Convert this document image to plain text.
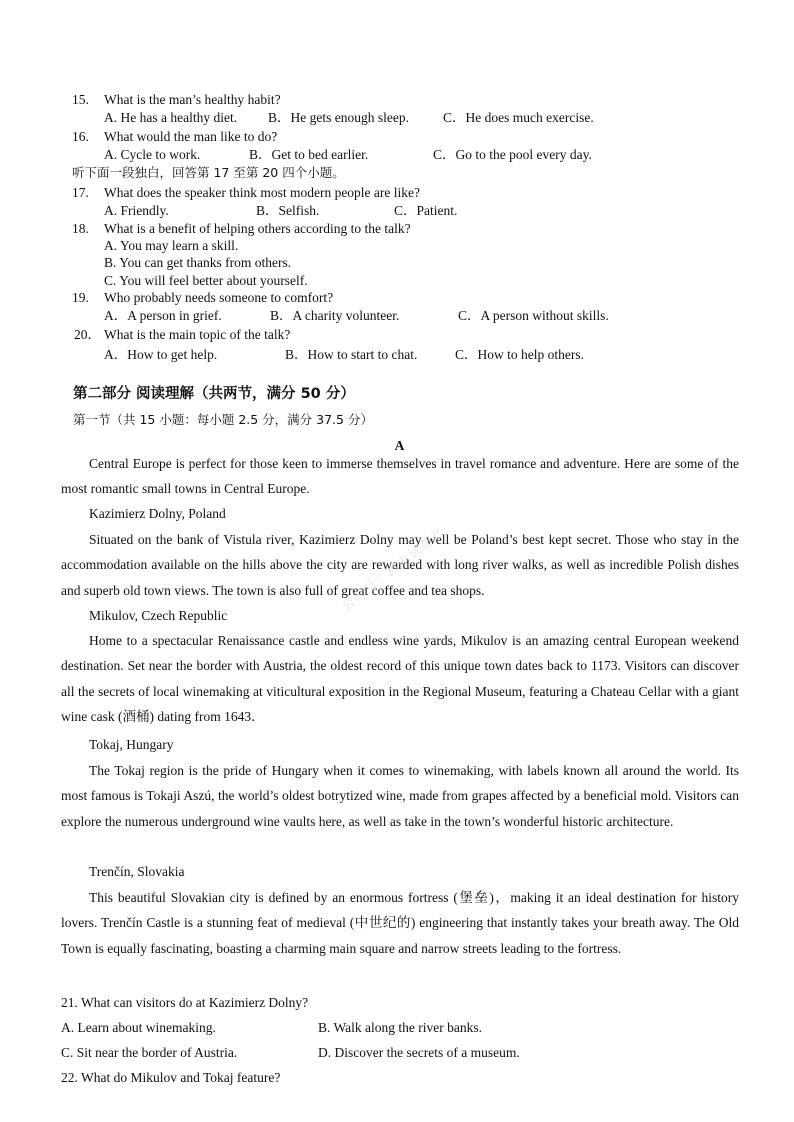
15. What is the man’s healthy habit?
A. He has a healthy diet. B．He gets enough sleep.	C．He does much exercise.
16. What would the man like to do?
A. Cycle to work.	B．Get to bed earlier.	C．Go to the pool every day.
听下面一段独白，回答第 17 至第 20 四个小题。
17. What does the speaker think most modern people are like?
A. Friendly.	B．Selfish.	C．Patient.
18. What is a benefit of helping others according to the talk?
A. You may learn a skill.
B. You can get thanks from others.
C. You will feel better about yourself.
19. Who probably needs someone to comfort?
A．A person in grief.	B．A charity volunteer.	C．A person without skills.
20． What is the main topic of the talk?
A．How to get help.	B．How to start to chat.	C．How to help others.
第二部分 阅读理解（共两节，满分 50 分）
第一节（共 15 小题：每小题 2.5 分，满分 37.5 分）
A
Central Europe is perfect for those keen to immerse themselves in travel romance and adventure. Here are some of the most romantic small towns in Central Europe.
Kazimierz Dolny, Poland
Situated on the bank of Vistula river, Kazimierz Dolny may well be Poland’s best kept secret. Those who stay in the accommodation available on the hills above the city are rewarded with long river walks, as well as incredible Polish dishes and superb old town views. The town is also full of great coffee and tea shops.
Mikulov, Czech Republic
Home to a spectacular Renaissance castle and endless wine yards, Mikulov is an amazing central European weekend destination. Set near the border with Austria, the oldest record of this unique town dates back to 1173. Visitors can discover all the secrets of local winemaking at viticultural exposition in the Regional Museum, featuring a Chateau Cellar with a giant wine cask (酒桶) dating from 1643．
Tokaj, Hungary
The Tokaj region is the pride of Hungary when it comes to winemaking, with labels known all around the world. Its most famous is Tokaji Aszú, the world’s oldest botrytized wine, made from grapes affected by a beneficial mold. Visitors can explore the numerous underground wine vaults here, as well as take in the town’s wonderful historic architecture.
Trenčín, Slovakia
This beautiful Slovakian city is defined by an enormous fortress (堡垒)，making it an ideal destination for history lovers. Trenčín Castle is a stunning feat of medieval (中世纪的) engineering that instantly takes your breath away. The Old Town is equally fascinating, boasting a charming main square and narrow streets leading to the fortress.
21. What can visitors do at Kazimierz Dolny?
A. Learn about winemaking.	B. Walk along the river banks.
C. Sit near the border of Austria.	D. Discover the secrets of a museum.
22. What do Mikulov and Tokaj feature?
公众号：高中试卷君
